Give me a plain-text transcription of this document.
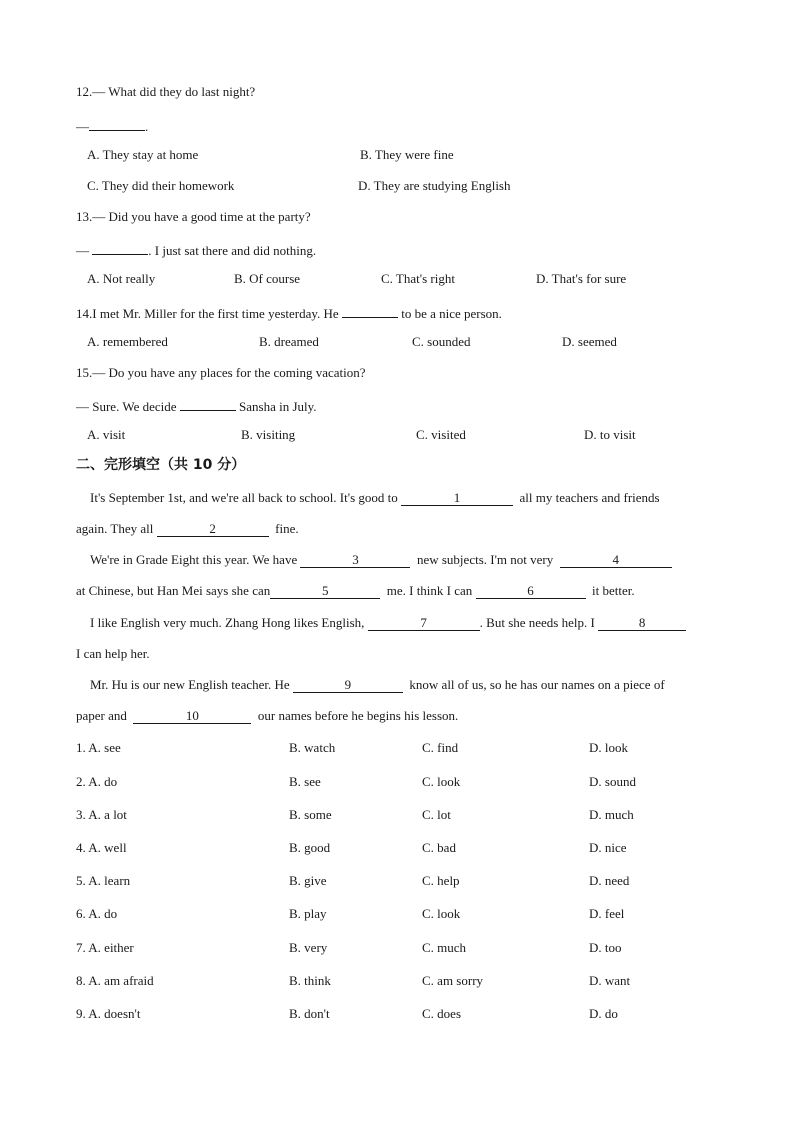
12.— What did they do last night?
—	.
A. They stay at home	B. They were fine
C. They did their homework	D. They are studying English
13.— Did you have a good time at the party?
—	. I just sat there and did nothing.
A. Not really	B. Of course	C. That's right	D. That's for sure
14.I met Mr. Miller for the first time yesterday. He	to be a nice person.
A. remembered	B. dreamed	C. sounded	D. seemed
15.— Do you have any places for the coming vacation?
— Sure. We decide	Sansha in July.
A. visit	B. visiting	C. visited	D. to visit
二、完形填空（共 10 分）
It's September 1st, and we're all back to school. It's good to	1	all my teachers and friends
again. They all	2	fine.
We're in Grade Eight this year. We have	3	new subjects. I'm not very	4
at Chinese, but Han Mei says she can	5	me. I think I can	6	it better.
I like English very much. Zhang Hong likes English,	7	. But she needs help. I	8
I can help her.
Mr. Hu is our new English teacher. He	9	know all of us, so he has our names on a piece of
paper and	10	our names before he begins his lesson.
1. A. see	B. watch	C. find	D. look
2. A. do	B. see	C. look	D. sound
3. A. a lot	B. some	C. lot	D. much
4. A. well	B. good	C. bad	D. nice
5. A. learn	B. give	C. help	D. need
6. A. do	B. play	C. look	D. feel
7. A. either	B. very	C. much	D. too
8. A. am afraid	B. think	C. am sorry	D. want
9. A. doesn't	B. don't	C. does	D. do
